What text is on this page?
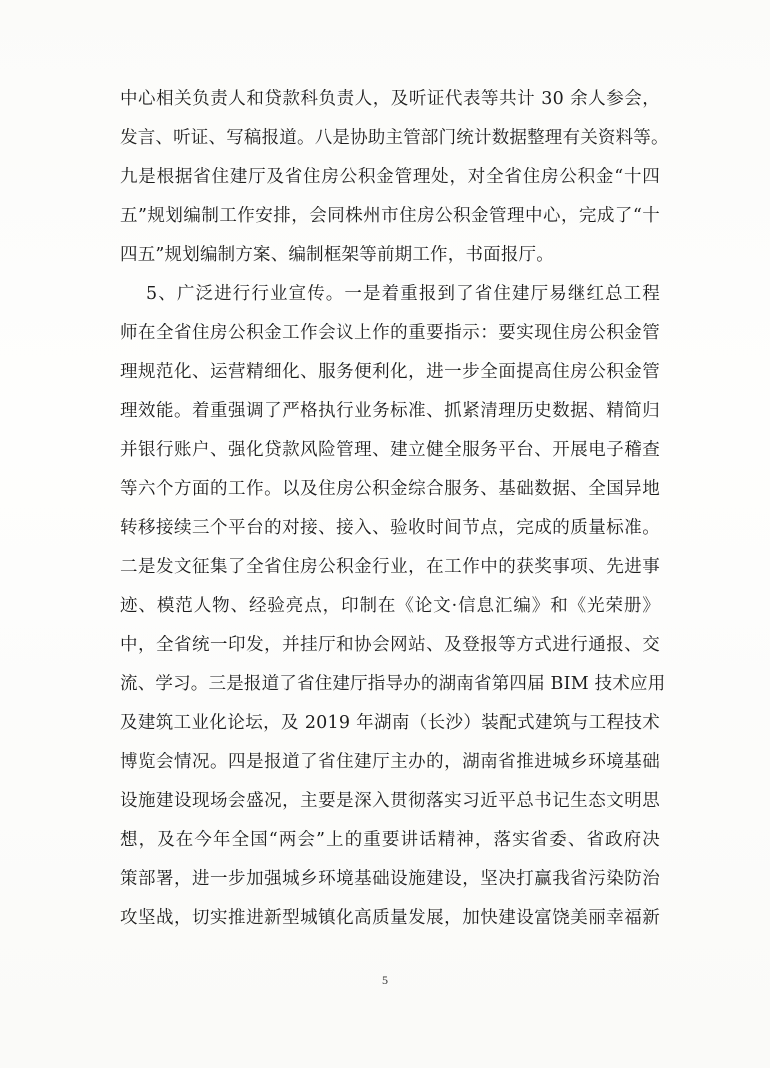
中心相关负责人和贷款科负责人，及听证代表等共计 30 余人参会，
发言、听证、写稿报道。八是协助主管部门统计数据整理有关资料等。
九是根据省住建厅及省住房公积金管理处，对全省住房公积金“十四
五”规划编制工作安排，会同株州市住房公积金管理中心，完成了“十
四五”规划编制方案、编制框架等前期工作，书面报厅。
5、广泛进行行业宣传。一是着重报到了省住建厅易继红总工程
师在全省住房公积金工作会议上作的重要指示：要实现住房公积金管
理规范化、运营精细化、服务便利化，进一步全面提高住房公积金管
理效能。着重强调了严格执行业务标准、抓紧清理历史数据、精简归
并银行账户、强化贷款风险管理、建立健全服务平台、开展电子稽查
等六个方面的工作。以及住房公积金综合服务、基础数据、全国异地
转移接续三个平台的对接、接入、验收时间节点，完成的质量标准。
二是发文征集了全省住房公积金行业，在工作中的获奖事项、先进事
迹、模范人物、经验亮点，印制在《论文·信息汇编》和《光荣册》
中，全省统一印发，并挂厅和协会网站、及登报等方式进行通报、交
流、学习。三是报道了省住建厅指导办的湖南省第四届 BIM 技术应用
及建筑工业化论坛，及 2019 年湖南（长沙）装配式建筑与工程技术
博览会情况。四是报道了省住建厅主办的，湖南省推进城乡环境基础
设施建设现场会盛况，主要是深入贯彻落实习近平总书记生态文明思
想，及在今年全国“两会”上的重要讲话精神，落实省委、省政府决
策部署，进一步加强城乡环境基础设施建设，坚决打赢我省污染防治
攻坚战，切实推进新型城镇化高质量发展，加快建设富饶美丽幸福新
5
